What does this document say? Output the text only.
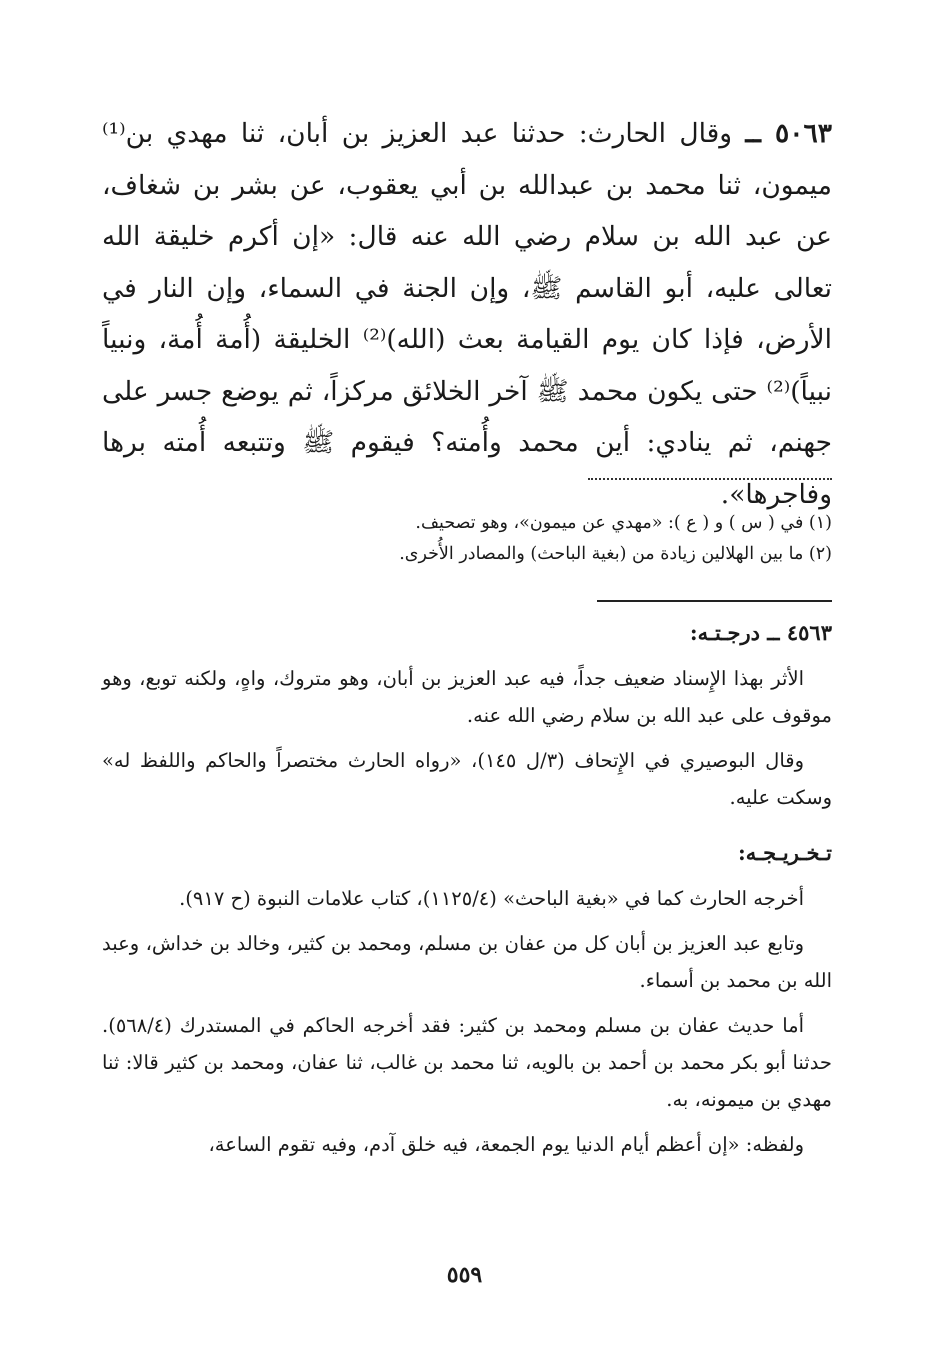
٥٠٦٣ ــ وقال الحارث: حدثنا عبد العزيز بن أبان، ثنا مهدي بن⁽¹⁾ ميمون، ثنا محمد بن عبدالله بن أبي يعقوب، عن بشر بن شغاف، عن عبد الله بن سلام رضي الله عنه قال: «إن أكرم خليقة الله تعالى عليه، أبو القاسم ﷺ، وإن الجنة في السماء، وإن النار في الأرض، فإذا كان يوم القيامة بعث (الله)⁽²⁾ الخليقة (أُمة أُمة، ونبياً نبياً)⁽²⁾ حتى يكون محمد ﷺ آخر الخلائق مركزاً، ثم يوضع جسر على جهنم، ثم ينادي: أين محمد وأُمته؟ فيقوم ﷺ وتتبعه أُمته برها وفاجرها».

(١) في ( س ) و ( ع ): «مهدي عن ميمون»، وهو تصحيف.

(٢) ما بين الهلالين زيادة من (بغية الباحث) والمصادر الأُخرى.

٤٥٦٣ ــ درجـتـه:

الأثر بهذا الإِسناد ضعيف جداً، فيه عبد العزيز بن أبان، وهو متروك، واهٍ، ولكنه توبع، وهو موقوف على عبد الله بن سلام رضي الله عنه.

وقال البوصيري في الإِتحاف (٣/ل ١٤٥)، «رواه الحارث مختصراً والحاكم واللفظ له» وسكت عليه.

تـخـريـجـه:

أخرجه الحارث كما في «بغية الباحث» (١١٢٥/٤)، كتاب علامات النبوة (ح ٩١٧).

وتابع عبد العزيز بن أبان كل من عفان بن مسلم، ومحمد بن كثير، وخالد بن خداش، وعبد الله بن محمد بن أسماء.

أما حديث عفان بن مسلم ومحمد بن كثير: فقد أخرجه الحاكم في المستدرك (٥٦٨/٤). حدثنا أبو بكر محمد بن أحمد بن بالويه، ثنا محمد بن غالب، ثنا عفان، ومحمد بن كثير قالا: ثنا مهدي بن ميمونه، به.

ولفظه: «إن أعظم أيام الدنيا يوم الجمعة، فيه خلق آدم، وفيه تقوم الساعة،

٥٥٩
